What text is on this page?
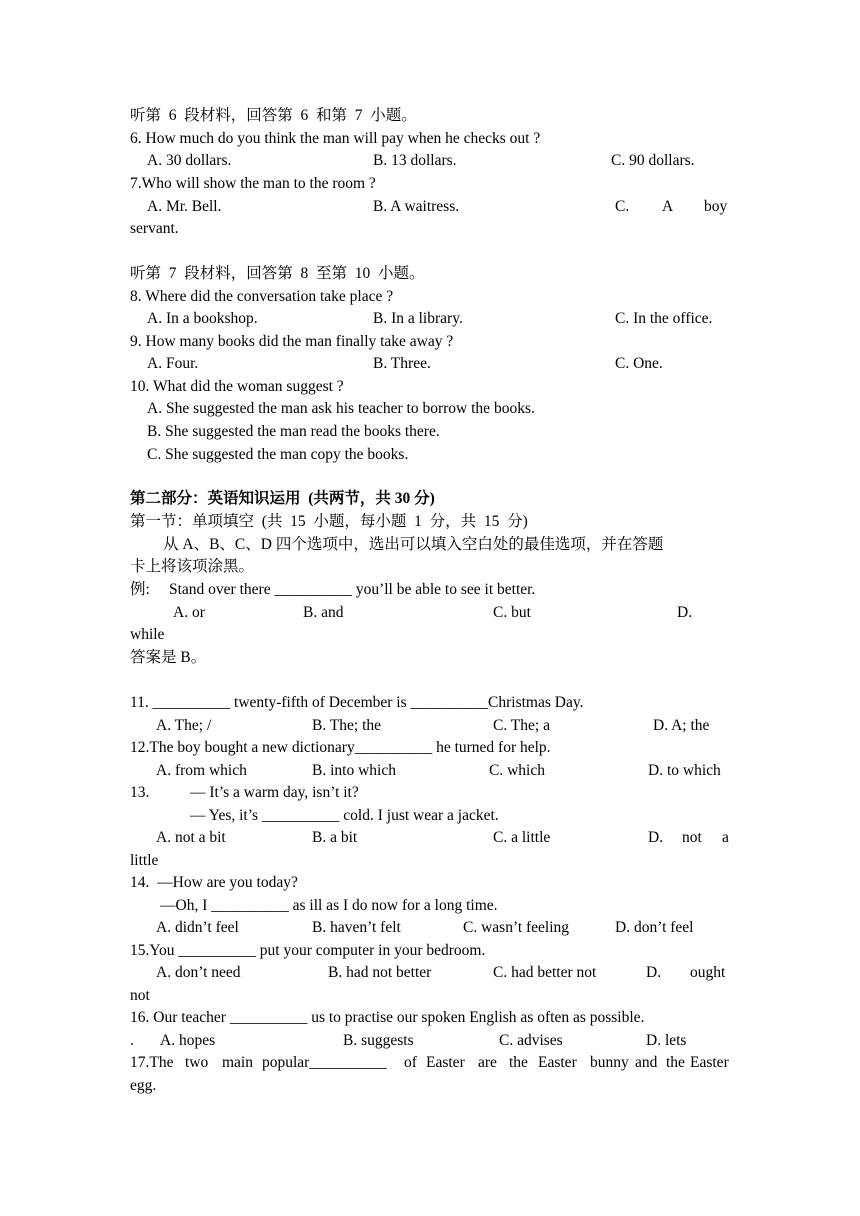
听第  6  段材料，回答第  6  和第  7  小题。
6. How much do you think the man will pay when he checks out ?
A. 30 dollars.	B. 13 dollars.	C. 90 dollars.
7.Who will show the man to the room ?
A. Mr. Bell.	B. A waitress.	C. A boy
servant.
听第  7  段材料，回答第  8  至第  10  小题。
8. Where did the conversation take place ?
A. In a bookshop.	B. In a library.	C. In the office.
9. How many books did the man finally take away ?
A. Four.	B. Three.	C. One.
10. What did the woman suggest ?
A. She suggested the man ask his teacher to borrow the books.
B. She suggested the man read the books there.
C. She suggested the man copy the books.
第二部分：英语知识运用  (共两节，共 30 分)
第一节：单项填空  (共  15  小题，每小题  1  分，共  15  分)
从 A、B、C、D 四个选项中，选出可以填入空白处的最佳选项，并在答题
卡上将该项涂黑。
例: Stand over there __________ you’ll be able to see it better.
A. or	B. and	C. but	D.
while
答案是 B。
11. __________ twenty-fifth of December is __________Christmas Day.
A. The; /	B. The; the	C. The; a	D. A; the
12.The boy bought a new dictionary__________ he turned for help.
A. from which	B. into which	C. which	D. to which
13.	— It’s a warm day, isn’t it?
— Yes, it’s __________ cold. I just wear a jacket.
A. not a bit	B. a bit	C. a little	D. not a
little
14.  —How are you today?
—Oh, I __________ as ill as I do now for a long time.
A. didn’t feel	B. haven’t felt	C. wasn’t feeling	D. don’t feel
15.You __________ put your computer in your bedroom.
A. don’t need	B. had not better	C. had better not	D. ought
not
16. Our teacher __________ us to practise our spoken English as often as possible.
. A. hopes	B. suggests	C. advises	D. lets
17.The two main popular__________ of Easter are the Easter bunny and the Easter
egg.
